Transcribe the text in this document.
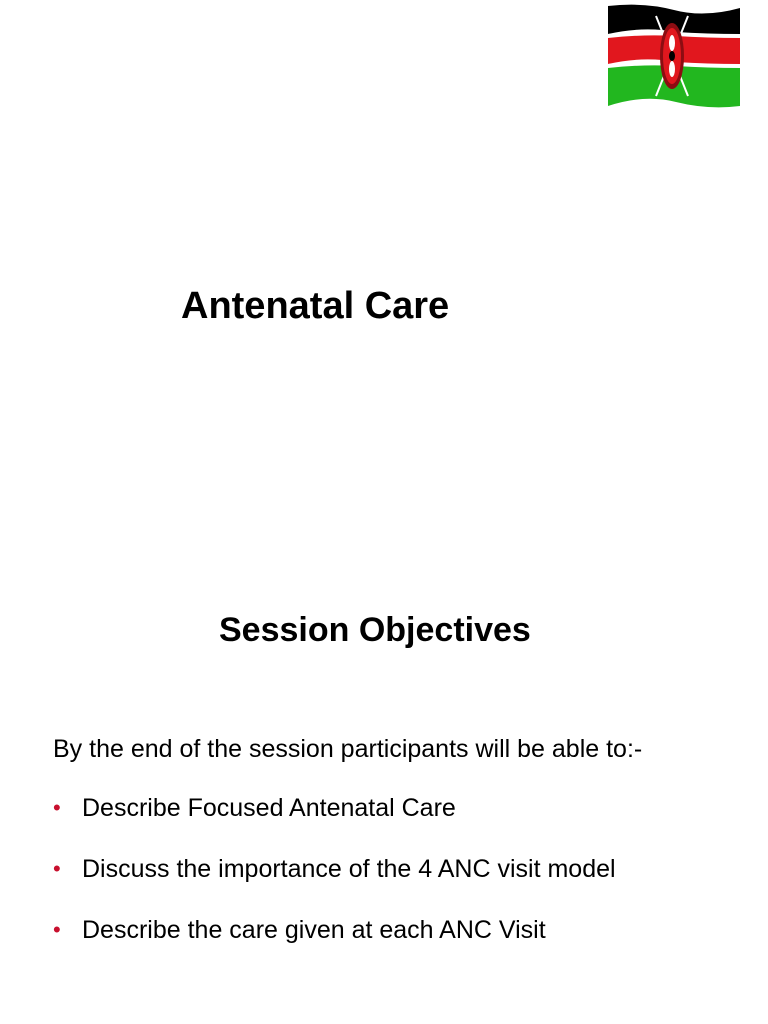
Antenatal Care
Session Objectives

By the end of the session participants will be able to:-

• Describe Focused Antenatal Care
• Discuss the importance of the 4 ANC visit model
• Describe the care given at each ANC Visit
